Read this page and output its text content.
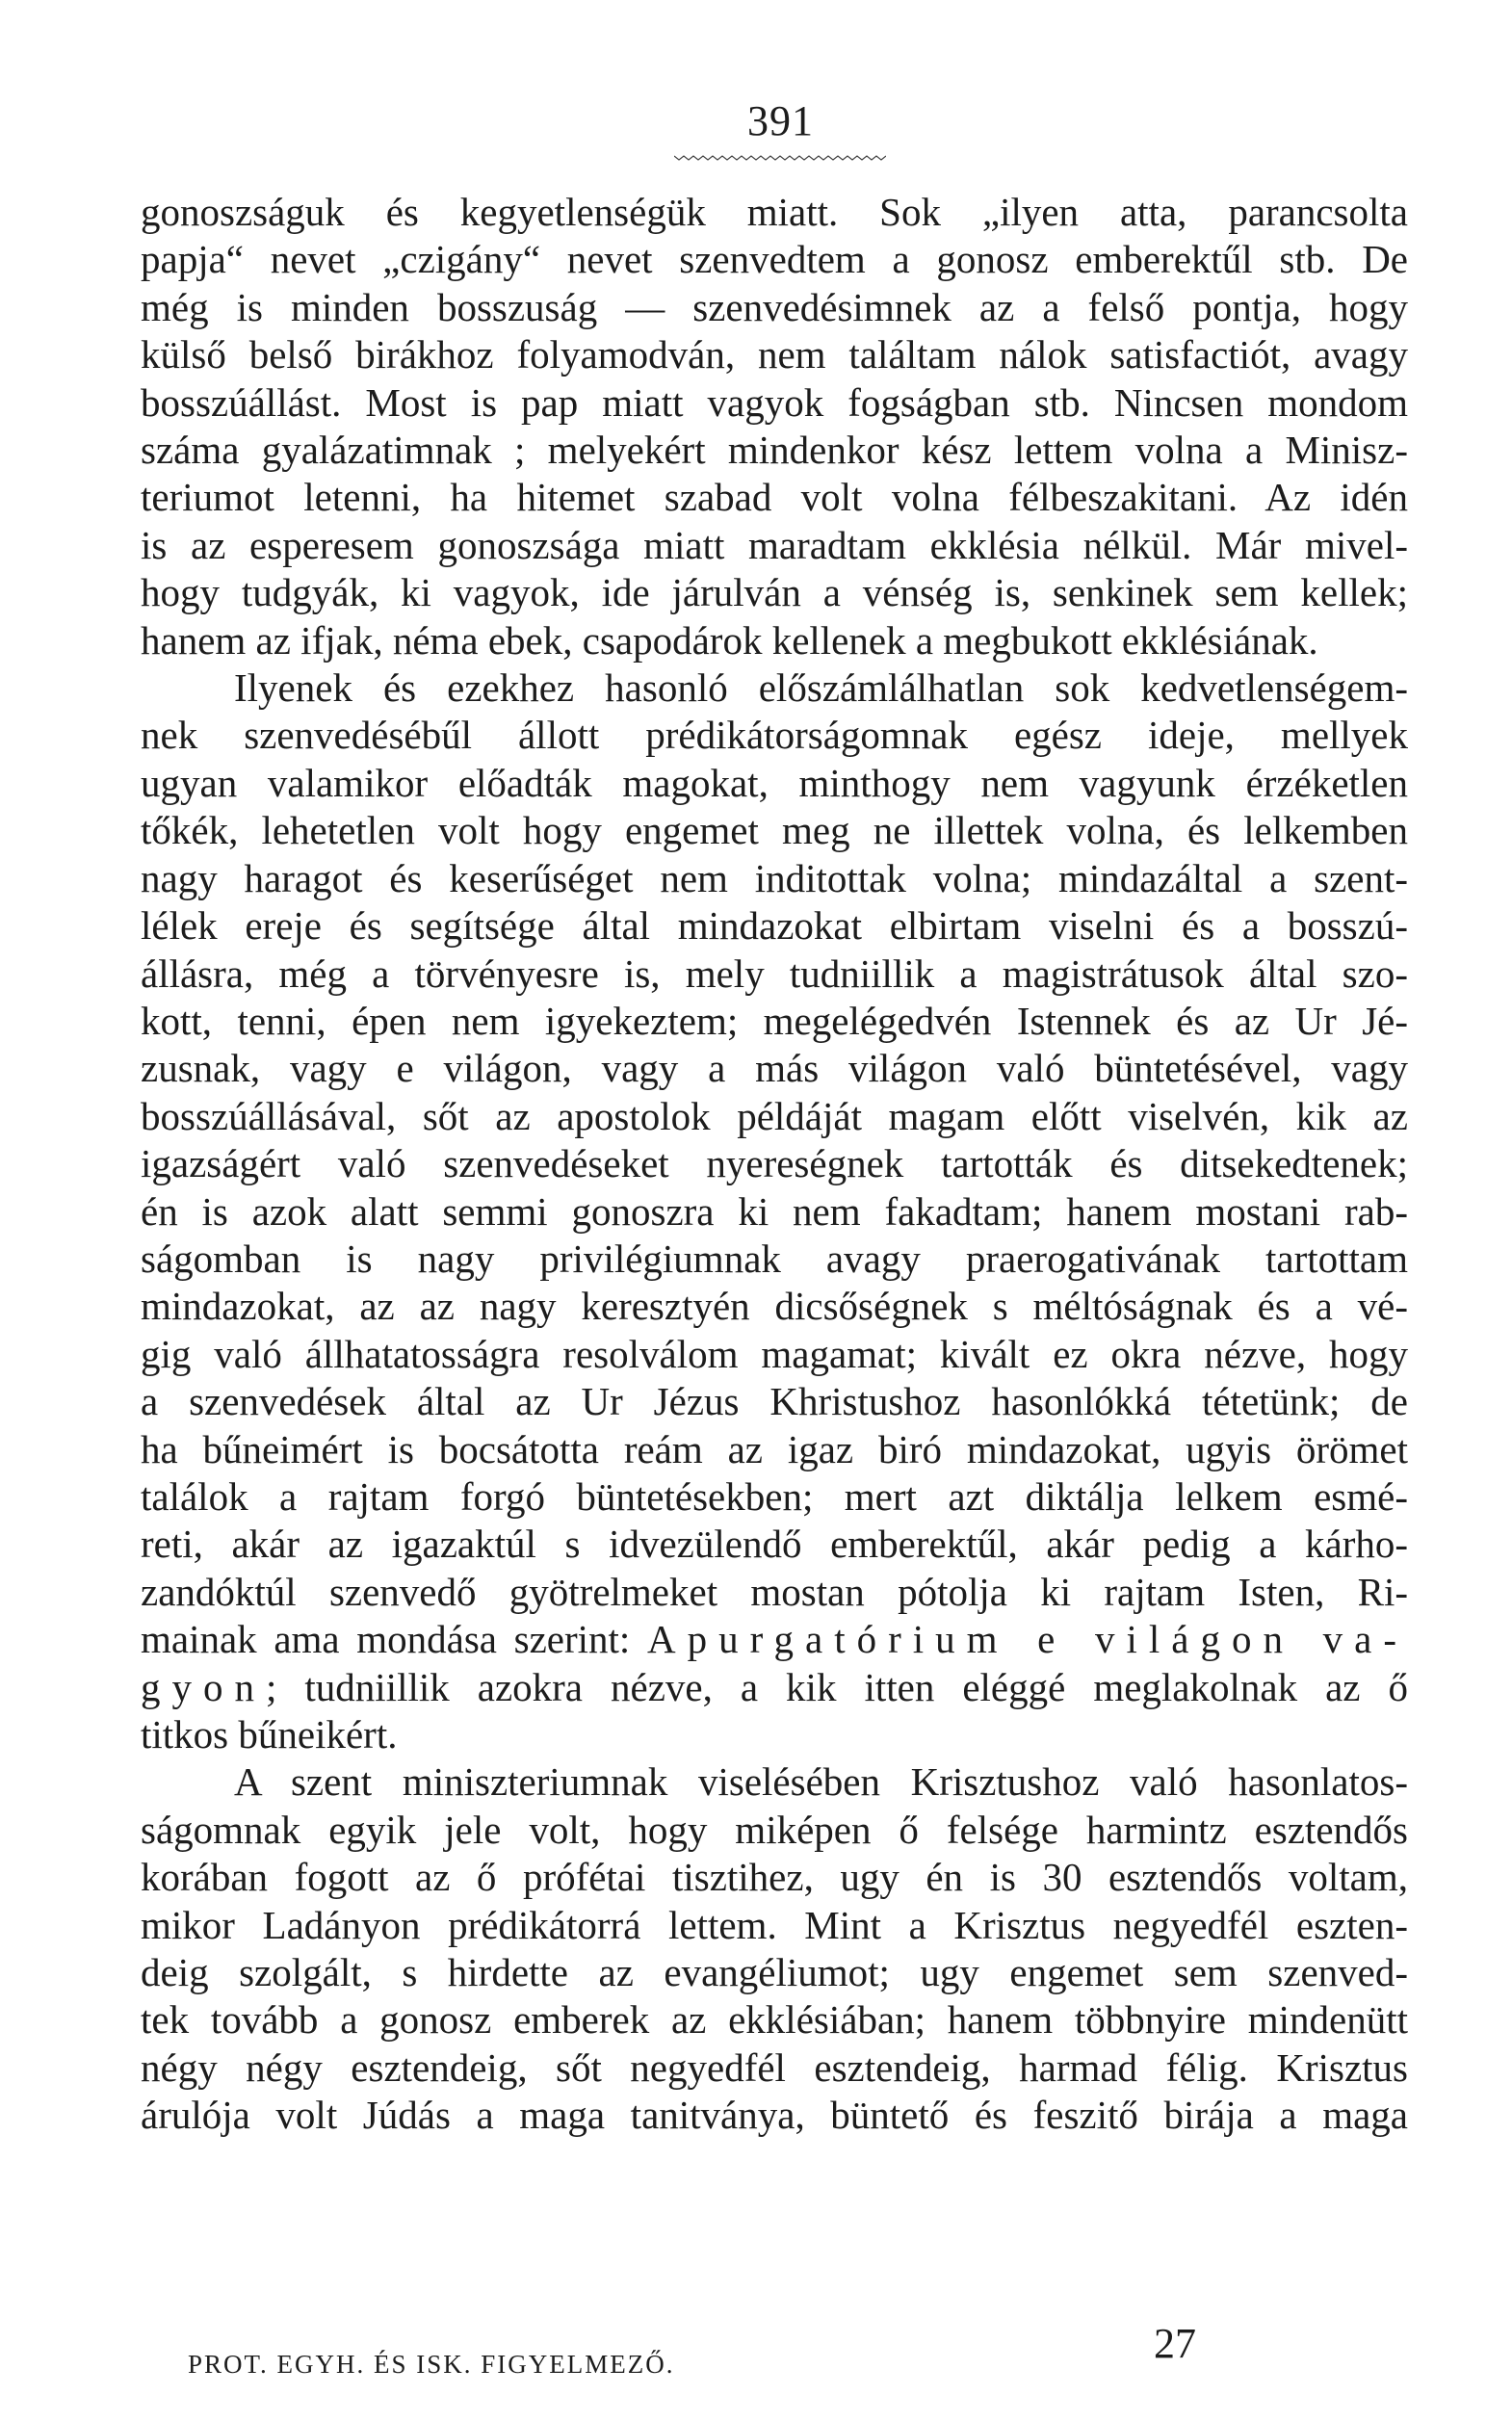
391
gonoszságuk és kegyetlenségük miatt. Sok „ilyen atta, parancsolta
papja“ nevet „czigány“ nevet szenvedtem a gonosz emberektűl stb. De
még is minden bosszuság — szenvedésimnek az a felső pontja, hogy
külső belső birákhoz folyamodván, nem találtam nálok satisfactiót, avagy
bosszúállást. Most is pap miatt vagyok fogságban stb. Nincsen mondom
száma gyalázatimnak ; melyekért mindenkor kész lettem volna a Minisz-
teriumot letenni, ha hitemet szabad volt volna félbeszakitani. Az idén
is az esperesem gonoszsága miatt maradtam ekklésia nélkül. Már mivel-
hogy tudgyák, ki vagyok, ide járulván a vénség is, senkinek sem kellek;
hanem az ifjak, néma ebek, csapodárok kellenek a megbukott ekklésiának.
Ilyenek és ezekhez hasonló előszámlálhatlan sok kedvetlenségem-
nek szenvedésébűl állott prédikátorságomnak egész ideje, mellyek
ugyan valamikor előadták magokat, minthogy nem vagyunk érzéketlen
tőkék, lehetetlen volt hogy engemet meg ne illettek volna, és lelkemben
nagy haragot és keserűséget nem inditottak volna; mindazáltal a szent-
lélek ereje és segítsége által mindazokat elbirtam viselni és a bosszú-
állásra, még a törvényesre is, mely tudniillik a magistrátusok által szo-
kott, tenni, épen nem igyekeztem; megelégedvén Istennek és az Ur Jé-
zusnak, vagy e világon, vagy a más világon való büntetésével, vagy
bosszúállásával, sőt az apostolok példáját magam előtt viselvén, kik az
igazságért való szenvedéseket nyereségnek tartották és ditsekedtenek;
én is azok alatt semmi gonoszra ki nem fakadtam; hanem mostani rab-
ságomban is nagy privilégiumnak avagy praerogativának tartottam
mindazokat, az az nagy keresztyén dicsőségnek s méltóságnak és a vé-
gig való állhatatosságra resolválom magamat; kivált ez okra nézve, hogy
a szenvedések által az Ur Jézus Khristushoz hasonlókká tétetünk; de
ha bűneimért is bocsátotta reám az igaz biró mindazokat, ugyis örömet
találok a rajtam forgó büntetésekben; mert azt diktálja lelkem esmé-
reti, akár az igazaktúl s idvezülendő emberektűl, akár pedig a kárho-
zandóktúl szenvedő gyötrelmeket mostan pótolja ki rajtam Isten, Ri-
mainak ama mondása szerint: Apurgatórium e világon va-
gyon; tudniillik azokra nézve, a kik itten eléggé meglakolnak az ő
titkos bűneikért.
A szent miniszteriumnak viselésében Krisztushoz való hasonlatos-
ságomnak egyik jele volt, hogy miképen ő felsége harmintz esztendős
korában fogott az ő prófétai tisztihez, ugy én is 30 esztendős voltam,
mikor Ladányon prédikátorrá lettem. Mint a Krisztus negyedfél eszten-
deig szolgált, s hirdette az evangéliumot; ugy engemet sem szenved-
tek tovább a gonosz emberek az ekklésiában; hanem többnyire mindenütt
négy négy esztendeig, sőt negyedfél esztendeig, harmad félig. Krisztus
árulója volt Júdás a maga tanitványa, büntető és feszitő birája a maga
PROT. EGYH. ÉS ISK. FIGYELMEZŐ.	27
